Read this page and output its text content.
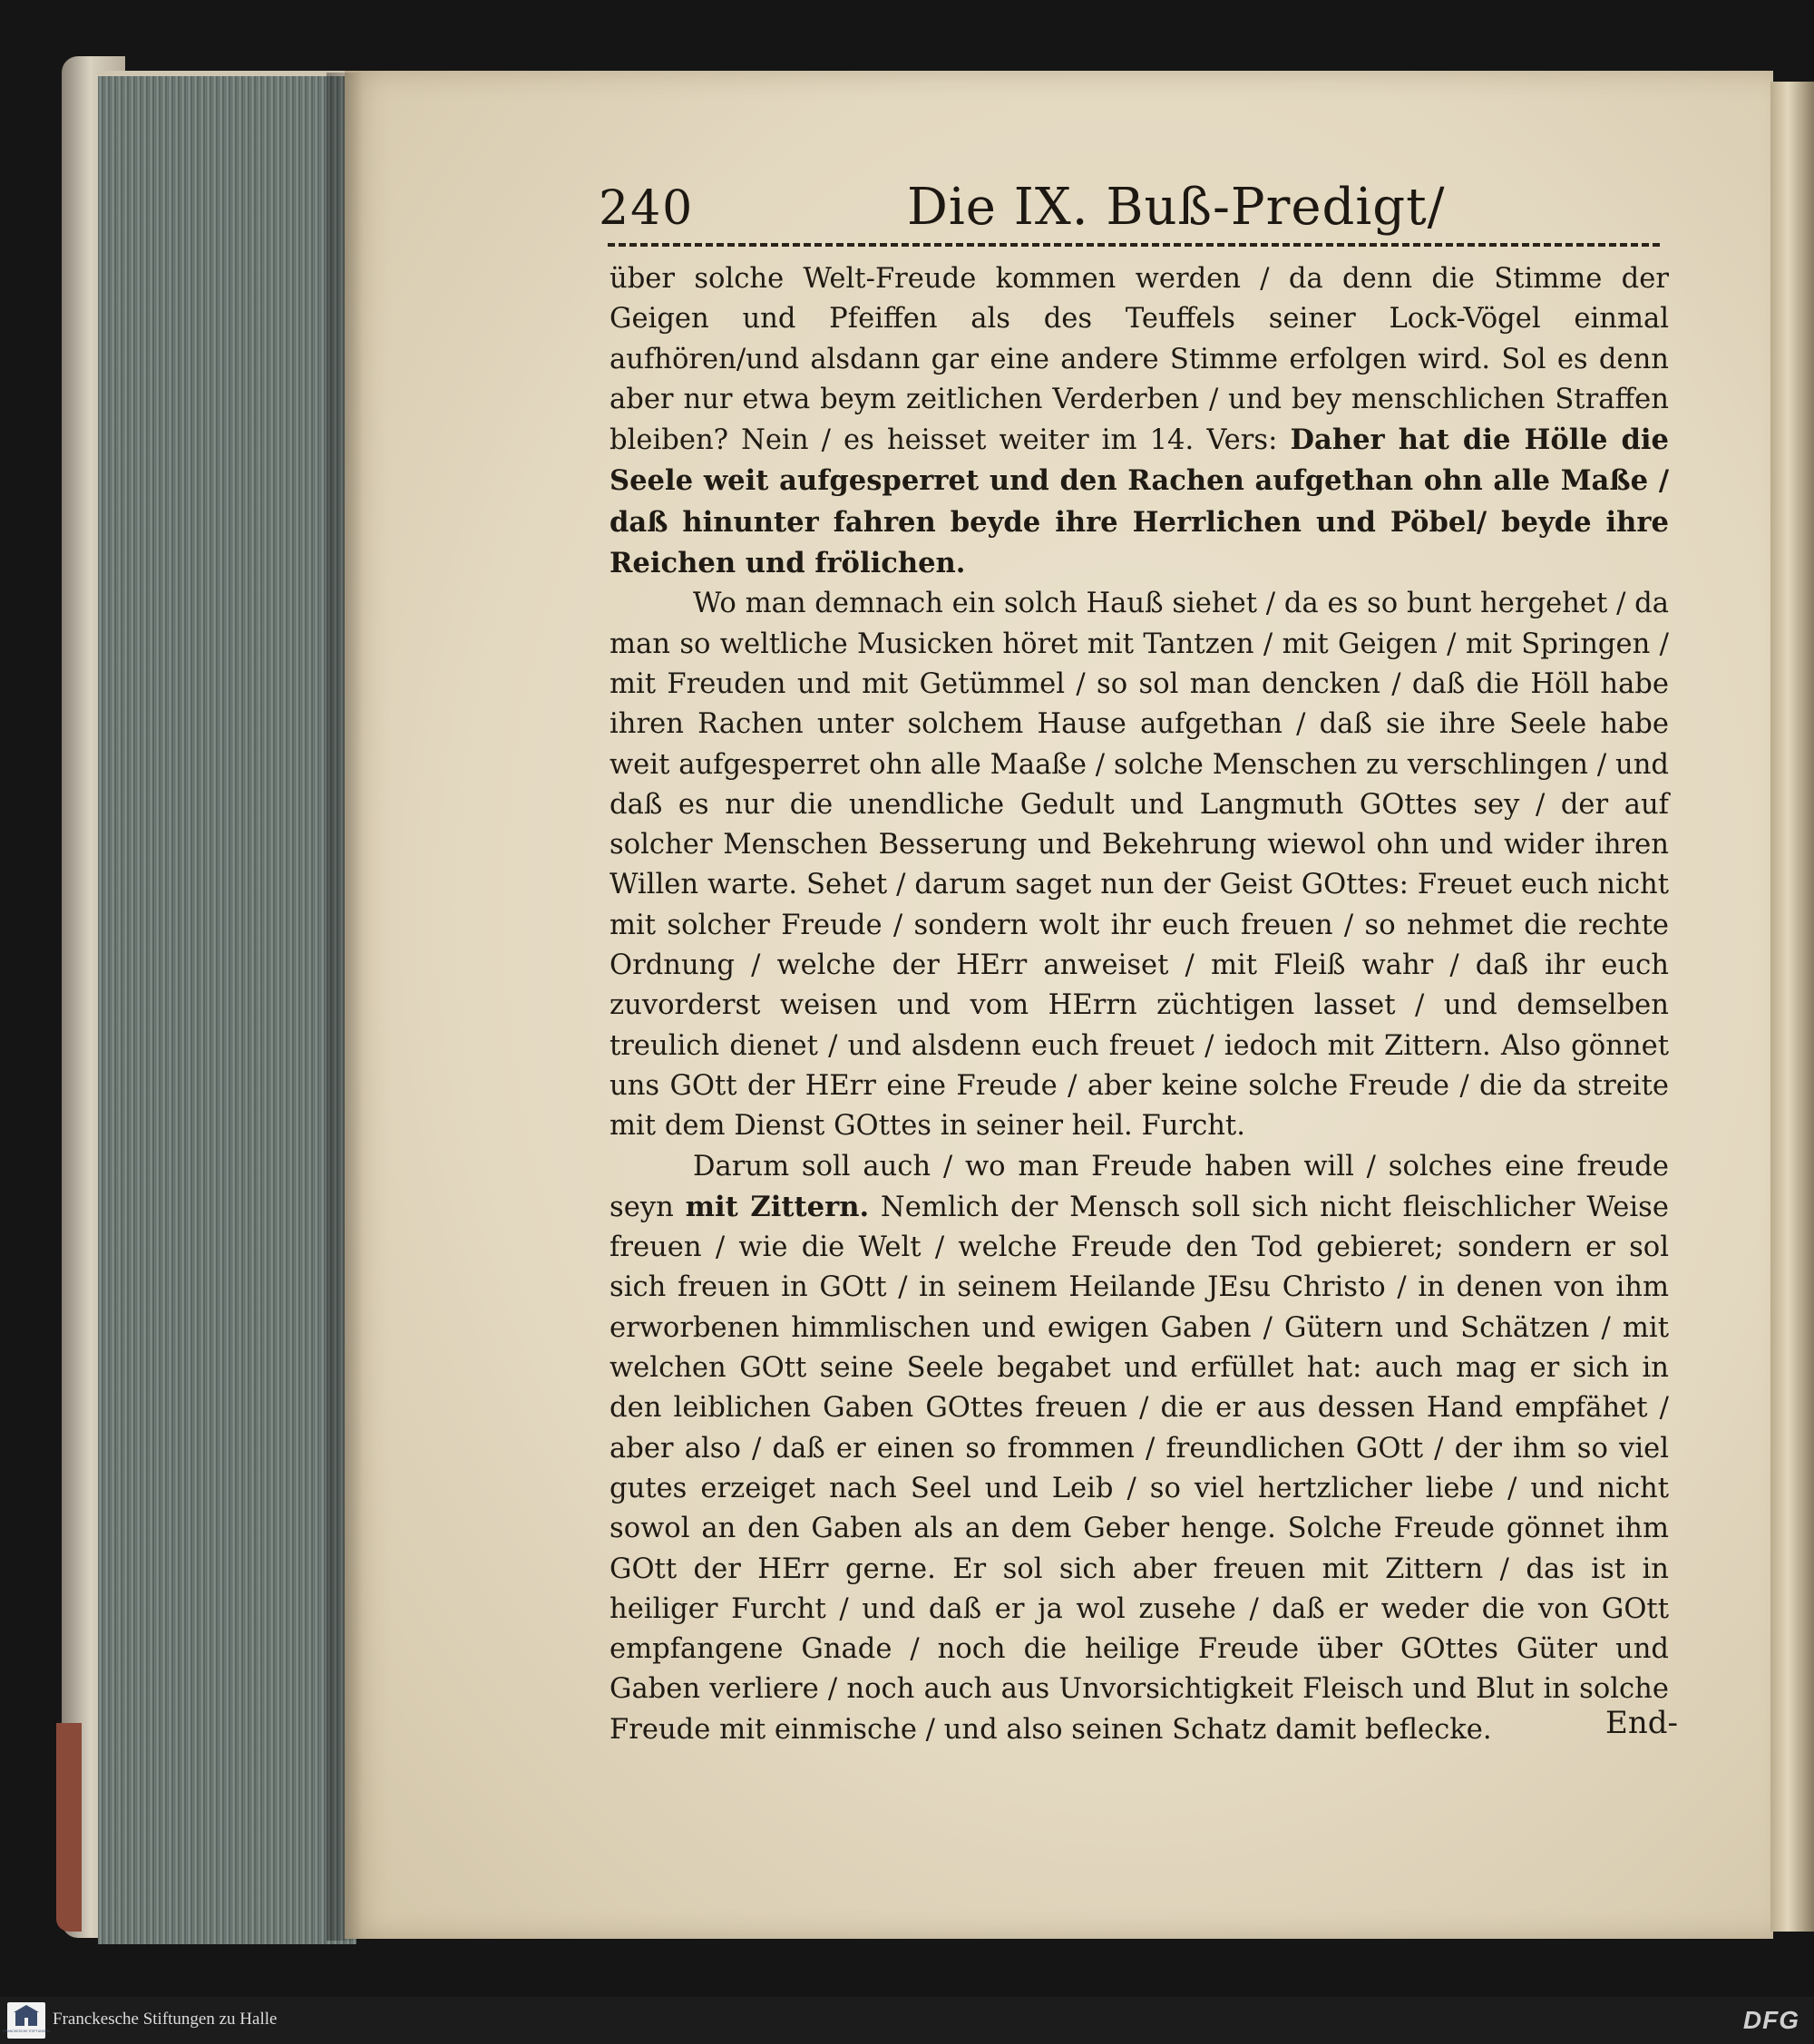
240	Die IX. Buß-Predigt/

über solche Welt-Freude kommen werden / da denn die Stimme der Geigen und Pfeiffen als des Teuffels seiner Lock-Vögel einmal aufhören/und alsdann gar eine andere Stimme erfolgen wird. Sol es denn aber nur etwa beym zeitlichen Verderben / und bey menschlichen Straffen bleiben? Nein / es heisset weiter im 14. Vers: Daher hat die Hölle die Seele weit aufgesperret und den Rachen aufgethan ohn alle Maße / daß hinunter fahren beyde ihre Herrlichen und Pöbel/ beyde ihre Reichen und frölichen.

Wo man demnach ein solch Hauß siehet / da es so bunt hergehet / da man so weltliche Musicken höret mit Tantzen / mit Geigen / mit Springen / mit Freuden und mit Getümmel / so sol man dencken / daß die Höll habe ihren Rachen unter solchem Hause aufgethan / daß sie ihre Seele habe weit aufgesperret ohn alle Maaße / solche Menschen zu verschlingen / und daß es nur die unendliche Gedult und Langmuth GOttes sey / der auf solcher Menschen Besserung und Bekehrung wiewol ohn und wider ihren Willen warte. Sehet / darum saget nun der Geist GOttes: Freuet euch nicht mit solcher Freude / sondern wolt ihr euch freuen / so nehmet die rechte Ordnung / welche der HErr anweiset / mit Fleiß wahr / daß ihr euch zuvorderst weisen und vom HErrn züchtigen lasset / und demselben treulich dienet / und alsdenn euch freuet / iedoch mit Zittern. Also gönnet uns GOtt der HErr eine Freude / aber keine solche Freude / die da streite mit dem Dienst GOttes in seiner heil. Furcht.

Darum soll auch / wo man Freude haben will / solches eine freude seyn mit Zittern. Nemlich der Mensch soll sich nicht fleischlicher Weise freuen / wie die Welt / welche Freude den Tod gebieret; sondern er sol sich freuen in GOtt / in seinem Heilande JEsu Christo / in denen von ihm erworbenen himmlischen und ewigen Gaben / Gütern und Schätzen / mit welchen GOtt seine Seele begabet und erfüllet hat: auch mag er sich in den leiblichen Gaben GOttes freuen / die er aus dessen Hand empfähet / aber also / daß er einen so frommen / freundlichen GOtt / der ihm so viel gutes erzeiget nach Seel und Leib / so viel hertzlicher liebe / und nicht sowol an den Gaben als an dem Geber henge. Solche Freude gönnet ihm GOtt der HErr gerne. Er sol sich aber freuen mit Zittern / das ist in heiliger Furcht / und daß er ja wol zusehe / daß er weder die von GOtt empfangene Gnade / noch die heilige Freude über GOttes Güter und Gaben verliere / noch auch aus Unvorsichtigkeit Fleisch und Blut in solche Freude mit einmische / und also seinen Schatz damit beflecke.	End-
FRANCKESCHE STIFTUNGEN
Franckesche Stiftungen zu Halle	DFG
